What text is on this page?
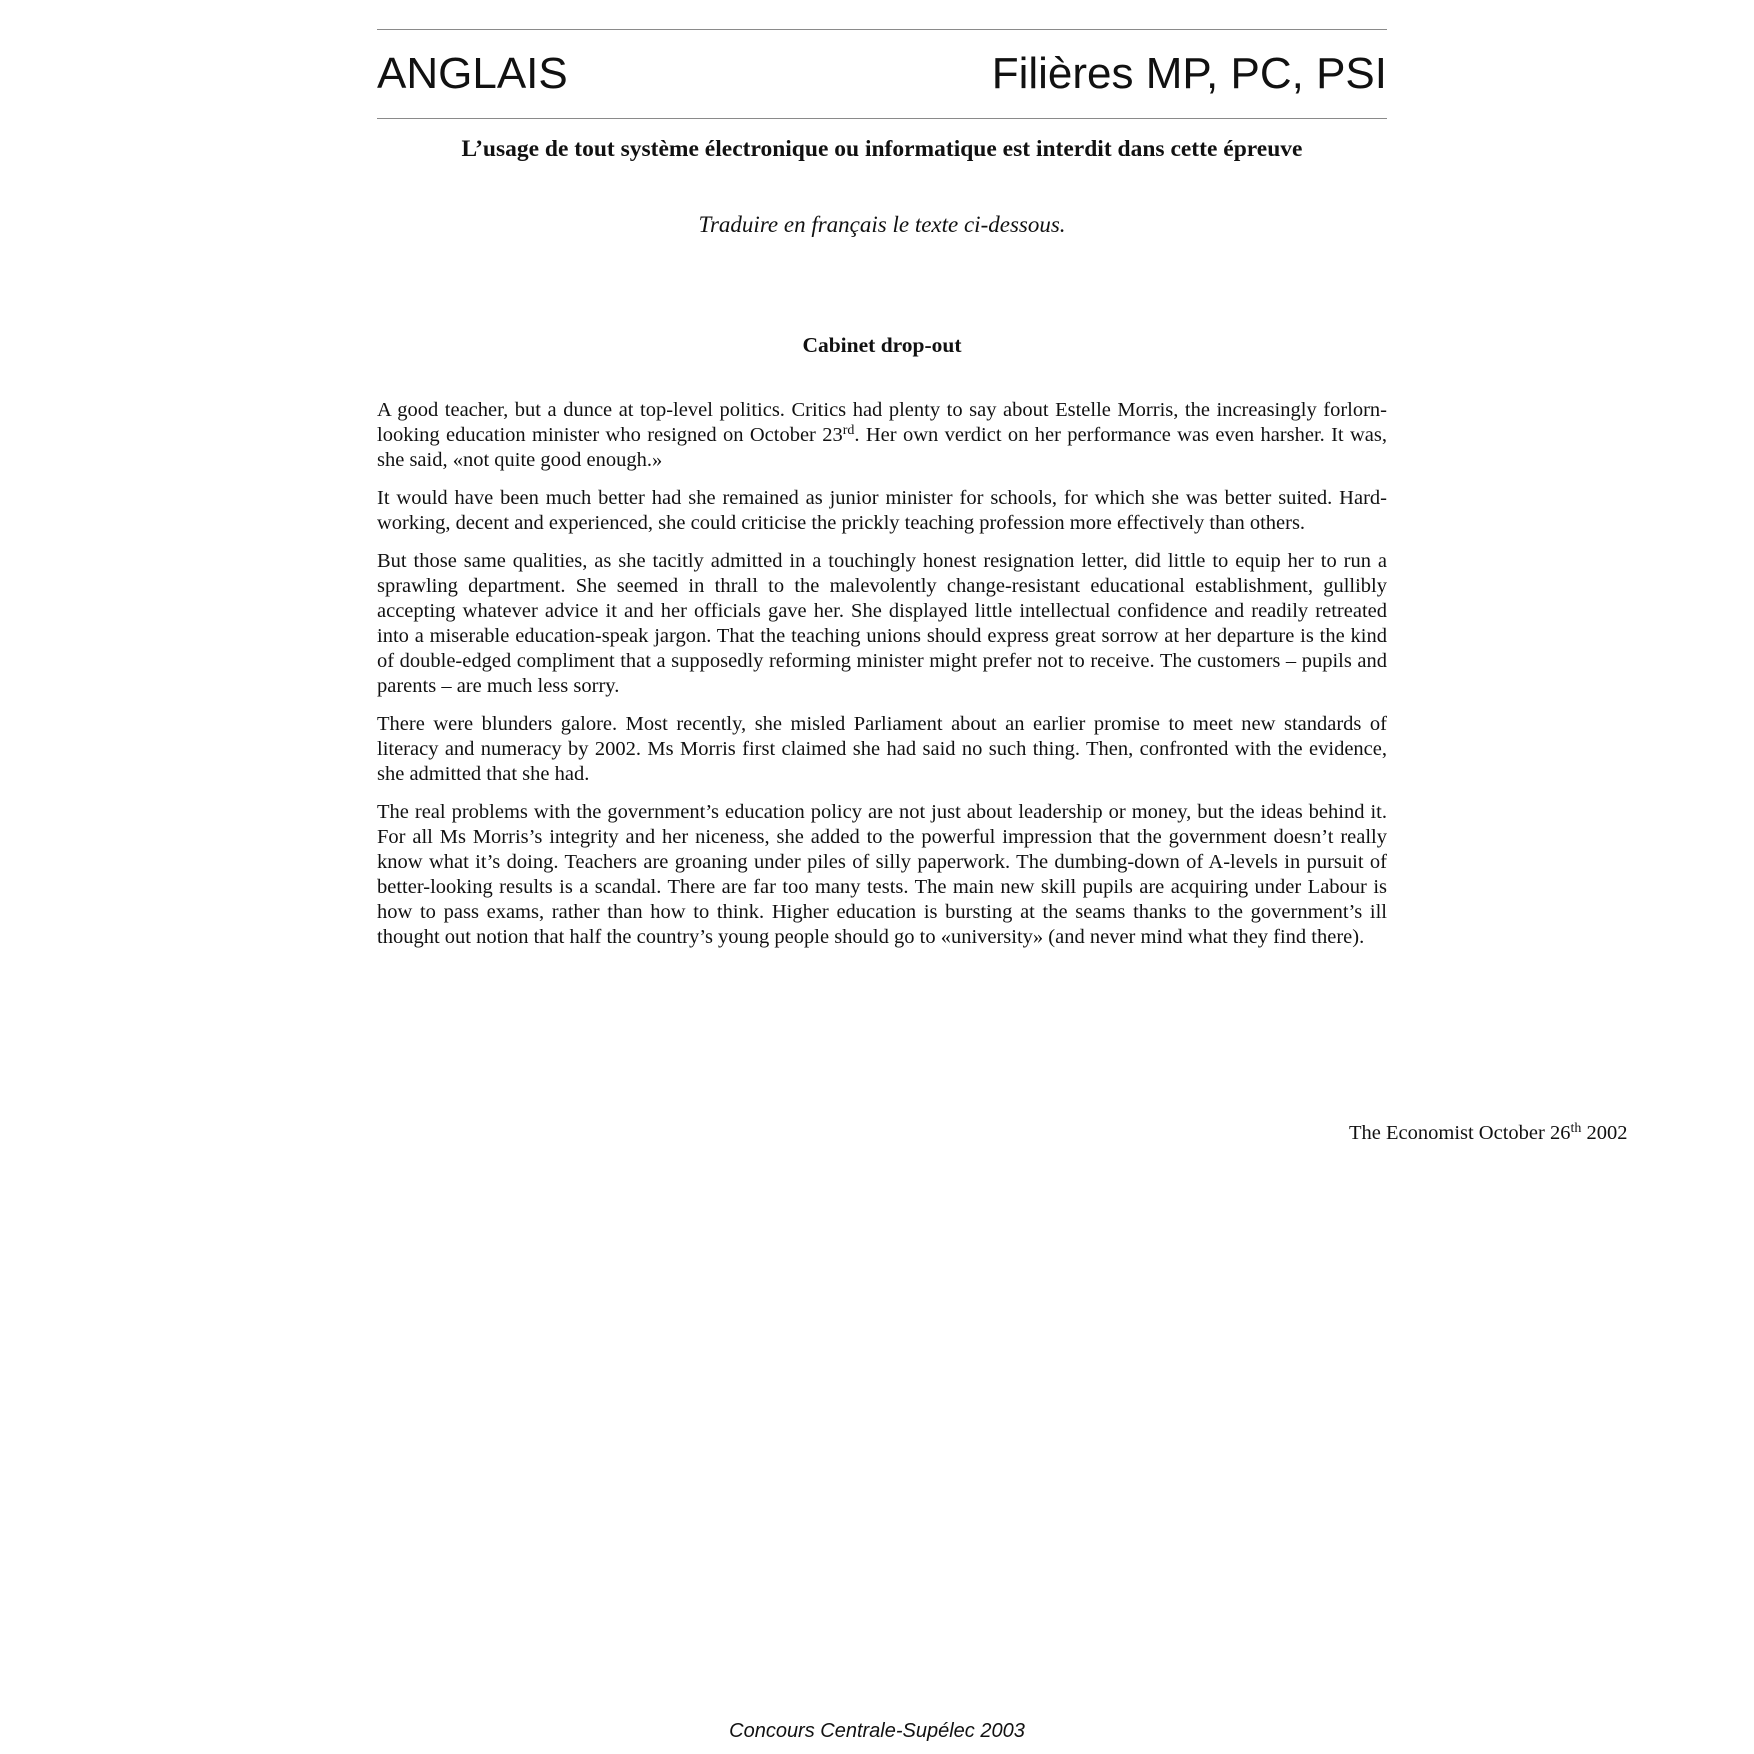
ANGLAIS	Filières MP, PC, PSI
L’usage de tout système électronique ou informatique est interdit dans cette épreuve
Traduire en français le texte ci-dessous.
Cabinet drop-out

A good teacher, but a dunce at top-level politics. Critics had plenty to say about Estelle Morris, the increasingly forlorn-looking education minister who resigned on October 23rd. Her own verdict on her performance was even harsher. It was, she said, «not quite good enough.»

It would have been much better had she remained as junior minister for schools, for which she was better suited. Hard-working, decent and experienced, she could criticise the prickly teaching profession more effectively than others.

But those same qualities, as she tacitly admitted in a touchingly honest resignation letter, did little to equip her to run a sprawling department. She seemed in thrall to the malevolently change-resistant educational establishment, gullibly accepting whatever advice it and her officials gave her. She displayed little intellectual confidence and readily retreated into a miserable education-speak jargon. That the teaching unions should express great sorrow at her departure is the kind of double-edged compliment that a supposedly reforming minister might prefer not to receive. The customers – pupils and parents – are much less sorry.

There were blunders galore. Most recently, she misled Parliament about an earlier promise to meet new standards of literacy and numeracy by 2002. Ms Morris first claimed she had said no such thing. Then, confronted with the evidence, she admitted that she had.

The real problems with the government’s education policy are not just about leadership or money, but the ideas behind it. For all Ms Morris’s integrity and her niceness, she added to the powerful impression that the government doesn’t really know what it’s doing. Teachers are groaning under piles of silly paperwork. The dumbing-down of A-levels in pursuit of better-looking results is a scandal. There are far too many tests. The main new skill pupils are acquiring under Labour is how to pass exams, rather than how to think. Higher education is bursting at the seams thanks to the government’s ill thought out notion that half the country’s young people should go to «university» (and never mind what they find there).

The Economist October 26th 2002
Concours Centrale-Supélec 2003
